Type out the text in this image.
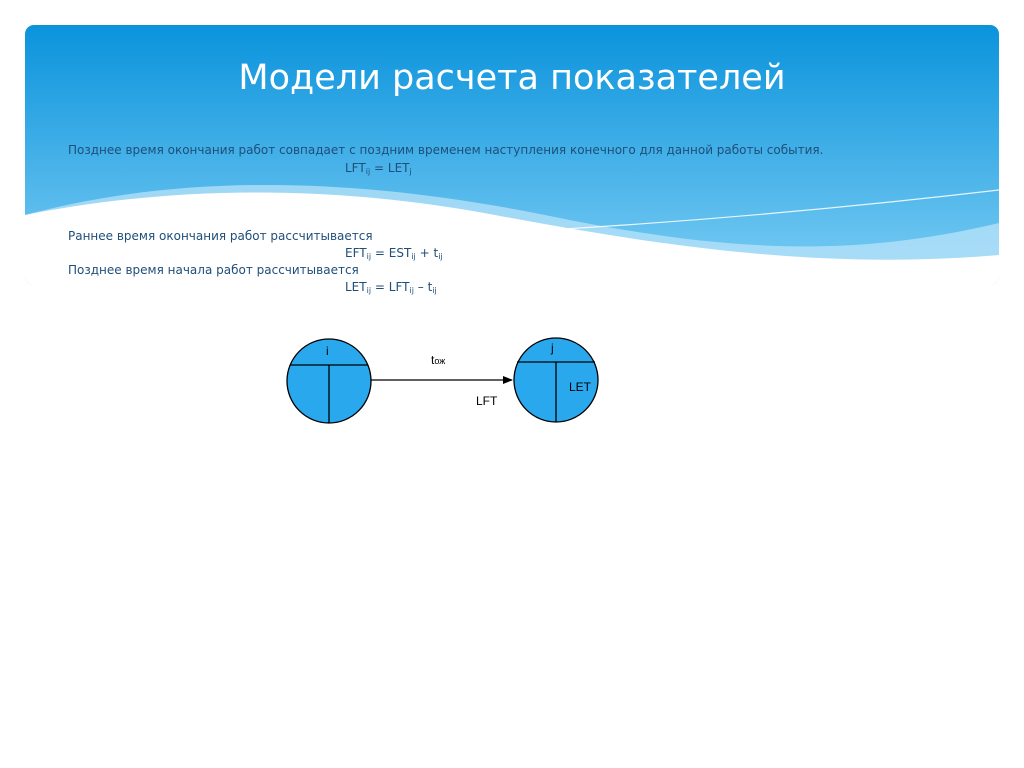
Модели расчета показателей
Позднее время окончания работ совпадает с поздним временем наступления конечного для данной работы события.
$LFT_{ij} = LET_j$
Раннее время окончания работ рассчитывается
$EFT_{ij} = EST_{ij} + t_{ij}$
Позднее время начала работ рассчитывается
$LET_{ij} = LFT_{ij} - t_{ij}$
i
tож
LFT
j
LET
